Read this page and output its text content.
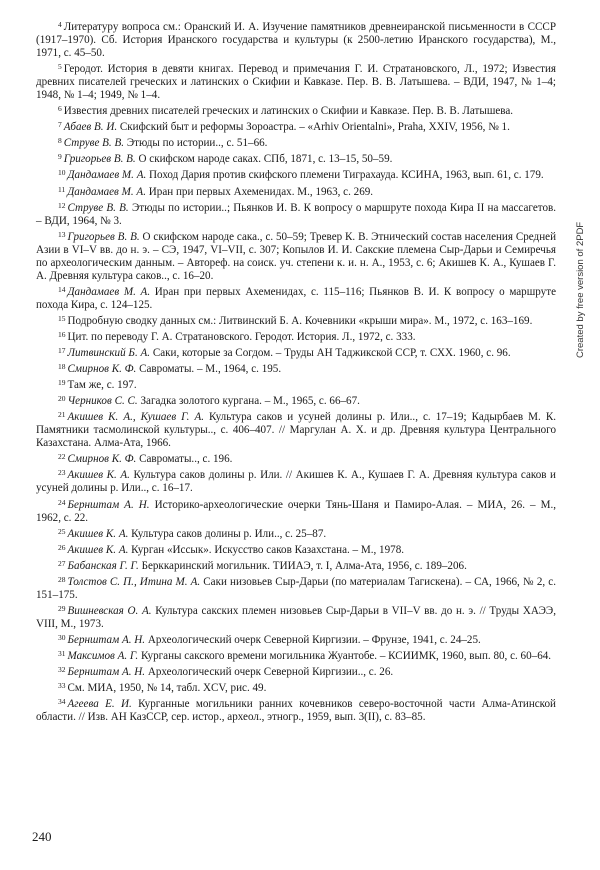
$^4$ Литературу вопроса см.: Оранский И. А. Изучение памятников древнеиранской письменности в СССР (1917–1970). Сб. История Иранского государства и культуры (к 2500-летию Иранского государства), М., 1971, с. 45–50.

$^5$ Геродот. История в девяти книгах. Перевод и примечания Г. И. Стратановского, Л., 1972; Известия древних писателей греческих и латинских о Скифии и Кавказе. Пер. В. В. Латышева. – ВДИ, 1947, № 1–4; 1948, № 1–4; 1949, № 1–4.

$^6$ Известия древних писателей греческих и латинских о Скифии и Кавказе. Пер. В. В. Латышева.

$^7$ Абаев В. И. Скифский быт и реформы Зороастра. – «Arhiv Orientalni», Praha, XXIV, 1956, № 1.

$^8$ Струве В. В. Этюды по истории.., с. 51–66.

$^9$ Григорьев В. В. О скифском народе саках. СПб, 1871, с. 13–15, 50–59.

$^{10}$ Дандамаев М. А. Поход Дария против скифского племени Тиграхауда. КСИНА, 1963, вып. 61, с. 179.

$^{11}$ Дандамаев М. А. Иран при первых Ахеменидах. М., 1963, с. 269.

$^{12}$ Струве В. В. Этюды по истории..; Пьянков И. В. К вопросу о маршруте похода Кира II на массагетов. – ВДИ, 1964, № 3.

$^{13}$ Григорьев В. В. О скифском народе сака., с. 50–59; Тревер К. В. Этнический состав населения Средней Азии в VI–V вв. до н. э. – СЭ, 1947, VI–VII, с. 307; Копылов И. И. Сакские племена Сыр-Дарьи и Семиречья по археологическим данным. – Автореф. на соиск. уч. степени к. и. н. А., 1953, с. 6; Акишев К. А., Кушаев Г. А. Древняя культура саков.., с. 16–20.

$^{14}$ Дандамаев М. А. Иран при первых Ахеменидах, с. 115–116; Пьянков В. И. К вопросу о маршруте похода Кира, с. 124–125.

$^{15}$ Подробную сводку данных см.: Литвинский Б. А. Кочевники «крыши мира». М., 1972, с. 163–169.

$^{16}$ Цит. по переводу Г. А. Стратановского. Геродот. История. Л., 1972, с. 333.

$^{17}$ Литвинский Б. А. Саки, которые за Согдом. – Труды АН Таджикской ССР, т. СХХ. 1960, с. 96.

$^{18}$ Смирнов К. Ф. Савроматы. – М., 1964, с. 195.

$^{19}$ Там же, с. 197.

$^{20}$ Черников С. С. Загадка золотого кургана. – М., 1965, с. 66–67.

$^{21}$ Акишев К. А., Кушаев Г. А. Культура саков и усуней долины р. Или.., с. 17–19; Кадырбаев М. К. Памятники тасмолинской культуры.., с. 406–407. // Маргулан А. Х. и др. Древняя культура Центрального Казахстана. Алма-Ата, 1966.

$^{22}$ Смирнов К. Ф. Савроматы.., с. 196.

$^{23}$ Акишев К. А. Культура саков долины р. Или. // Акишев К. А., Кушаев Г. А. Древняя культура саков и усуней долины р. Или.., с. 16–17.

$^{24}$ Бернштам А. Н. Историко-археологические очерки Тянь-Шаня и Памиро-Алая. – МИА, 26. – М., 1962, с. 22.

$^{25}$ Акишев К. А. Культура саков долины р. Или.., с. 25–87.

$^{26}$ Акишев К. А. Курган «Иссык». Искусство саков Казахстана. – М., 1978.

$^{27}$ Бабанская Г. Г. Берккаринский могильник. ТИИАЭ, т. I, Алма-Ата, 1956, с. 189–206.

$^{28}$ Толстов С. П., Итина М. А. Саки низовьев Сыр-Дарьи (по материалам Тагискена). – СА, 1966, № 2, с. 151–175.

$^{29}$ Вишневская О. А. Культура сакских племен низовьев Сыр-Дарьи в VII–V вв. до н. э. // Труды ХАЭЭ, VIII, М., 1973.

$^{30}$ Бернштам А. Н. Археологический очерк Северной Киргизии. – Фрунзе, 1941, с. 24–25.

$^{31}$ Максимов А. Г. Курганы сакского времени могильника Жуантобе. – КСИИМК, 1960, вып. 80, с. 60–64.

$^{32}$ Бернштам А. Н. Археологический очерк Северной Киргизии.., с. 26.

$^{33}$ См. МИА, 1950, № 14, табл. XCV, рис. 49.

$^{34}$ Агеева Е. И. Курганные могильники ранних кочевников северо-восточной части Алма-Атинской области. // Изв. АН КазССР, сер. истор., археол., этногр., 1959, вып. 3(II), с. 83–85.

240
Created by free version of 2PDF
